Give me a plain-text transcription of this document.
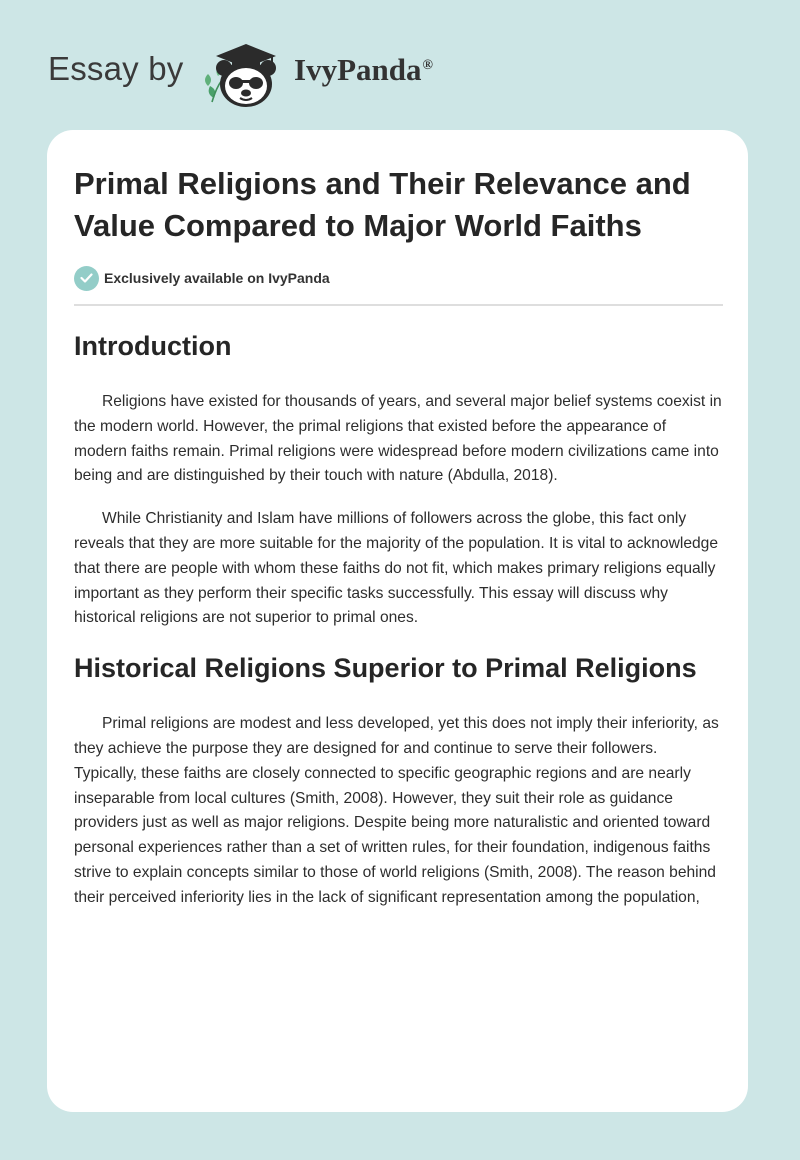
Essay by	IvyPanda®
Primal Religions and Their Relevance and Value Compared to Major World Faiths
Exclusively available on IvyPanda
Introduction

Religions have existed for thousands of years, and several major belief systems coexist in the modern world. However, the primal religions that existed before the appearance of modern faiths remain. Primal religions were widespread before modern civilizations came into being and are distinguished by their touch with nature (Abdulla, 2018).

While Christianity and Islam have millions of followers across the globe, this fact only reveals that they are more suitable for the majority of the population. It is vital to acknowledge that there are people with whom these faiths do not fit, which makes primary religions equally important as they perform their specific tasks successfully. This essay will discuss why historical religions are not superior to primal ones.

Historical Religions Superior to Primal Religions

Primal religions are modest and less developed, yet this does not imply their inferiority, as they achieve the purpose they are designed for and continue to serve their followers. Typically, these faiths are closely connected to specific geographic regions and are nearly inseparable from local cultures (Smith, 2008). However, they suit their role as guidance providers just as well as major religions. Despite being more naturalistic and oriented toward personal experiences rather than a set of written rules, for their foundation, indigenous faiths strive to explain concepts similar to those of world religions (Smith, 2008). The reason behind their perceived inferiority lies in the lack of significant representation among the population,
